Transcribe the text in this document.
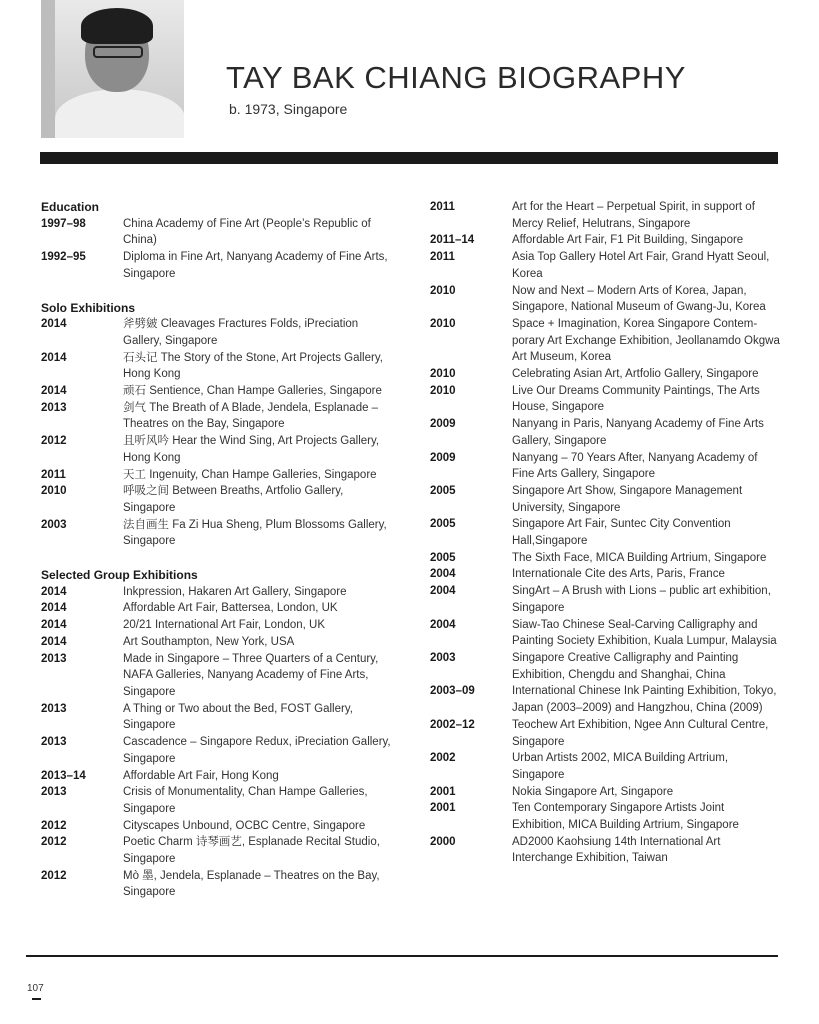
TAY BAK CHIANG BIOGRAPHY
b. 1973, Singapore
Education
1997–98	China Academy of Fine Art (People’s Republic of China)
1992–95	Diploma in Fine Art, Nanyang Academy of Fine Arts, Singapore
Solo Exhibitions
2014	斧劈皴 Cleavages Fractures Folds, iPreciation Gallery, Singapore
2014	石头记 The Story of the Stone, Art Projects Gallery, Hong Kong
2014	顽石 Sentience, Chan Hampe Galleries, Singapore
2013	剑气 The Breath of A Blade, Jendela, Esplanade – Theatres on the Bay, Singapore
2012	且听风吟 Hear the Wind Sing, Art Projects Gallery, Hong Kong
2011	天工 Ingenuity, Chan Hampe Galleries, Singapore
2010	呼吸之间 Between Breaths, Artfolio Gallery, Singapore
2003	法自画生 Fa Zi Hua Sheng, Plum Blossoms Gallery, Singapore
Selected Group Exhibitions
2014	Inkpression, Hakaren Art Gallery, Singapore
2014	Affordable Art Fair, Battersea, London, UK
2014	20/21 International Art Fair, London, UK
2014	Art Southampton, New York, USA
2013	Made in Singapore – Three Quarters of a Century, NAFA Galleries, Nanyang Academy of Fine Arts, Singapore
2013	A Thing or Two about the Bed, FOST Gallery, Singapore
2013	Cascadence – Singapore Redux, iPreciation Gallery, Singapore
2013–14	Affordable Art Fair, Hong Kong
2013	Crisis of Monumentality, Chan Hampe Galleries, Singapore
2012	Cityscapes Unbound, OCBC Centre, Singapore
2012	Poetic Charm 诗琴画艺, Esplanade Recital Studio, Singapore
2012	Mò 墨, Jendela, Esplanade – Theatres on the Bay, Singapore
2011	Art for the Heart – Perpetual Spirit, in support of Mercy Relief, Helutrans, Singapore
2011–14	Affordable Art Fair, F1 Pit Building, Singapore
2011	Asia Top Gallery Hotel Art Fair, Grand Hyatt Seoul, Korea
2010	Now and Next – Modern Arts of Korea, Japan, Singapore, National Museum of Gwang-Ju, Korea
2010	Space + Imagination, Korea Singapore Contem-porary Art Exchange Exhibition, Jeollanamdo Okgwa Art Museum, Korea
2010	Celebrating Asian Art, Artfolio Gallery, Singapore
2010	Live Our Dreams Community Paintings, The Arts House, Singapore
2009	Nanyang in Paris, Nanyang Academy of Fine Arts Gallery, Singapore
2009	Nanyang – 70 Years After, Nanyang Academy of Fine Arts Gallery, Singapore
2005	Singapore Art Show, Singapore Management University, Singapore
2005	Singapore Art Fair, Suntec City Convention Hall,Singapore
2005	The Sixth Face, MICA Building Artrium, Singapore
2004	Internationale Cite des Arts, Paris, France
2004	SingArt – A Brush with Lions – public art exhibition, Singapore
2004	Siaw-Tao Chinese Seal-Carving Calligraphy and Painting Society Exhibition, Kuala Lumpur, Malaysia
2003	Singapore Creative Calligraphy and Painting Exhibition, Chengdu and Shanghai, China
2003–09	International Chinese Ink Painting Exhibition, Tokyo, Japan (2003–2009) and Hangzhou, China (2009)
2002–12	Teochew Art Exhibition, Ngee Ann Cultural Centre, Singapore
2002	Urban Artists 2002, MICA Building Artrium, Singapore
2001	Nokia Singapore Art, Singapore
2001	Ten Contemporary Singapore Artists Joint Exhibition, MICA Building Artrium, Singapore
2000	AD2000 Kaohsiung 14th International Art Interchange Exhibition, Taiwan
107
